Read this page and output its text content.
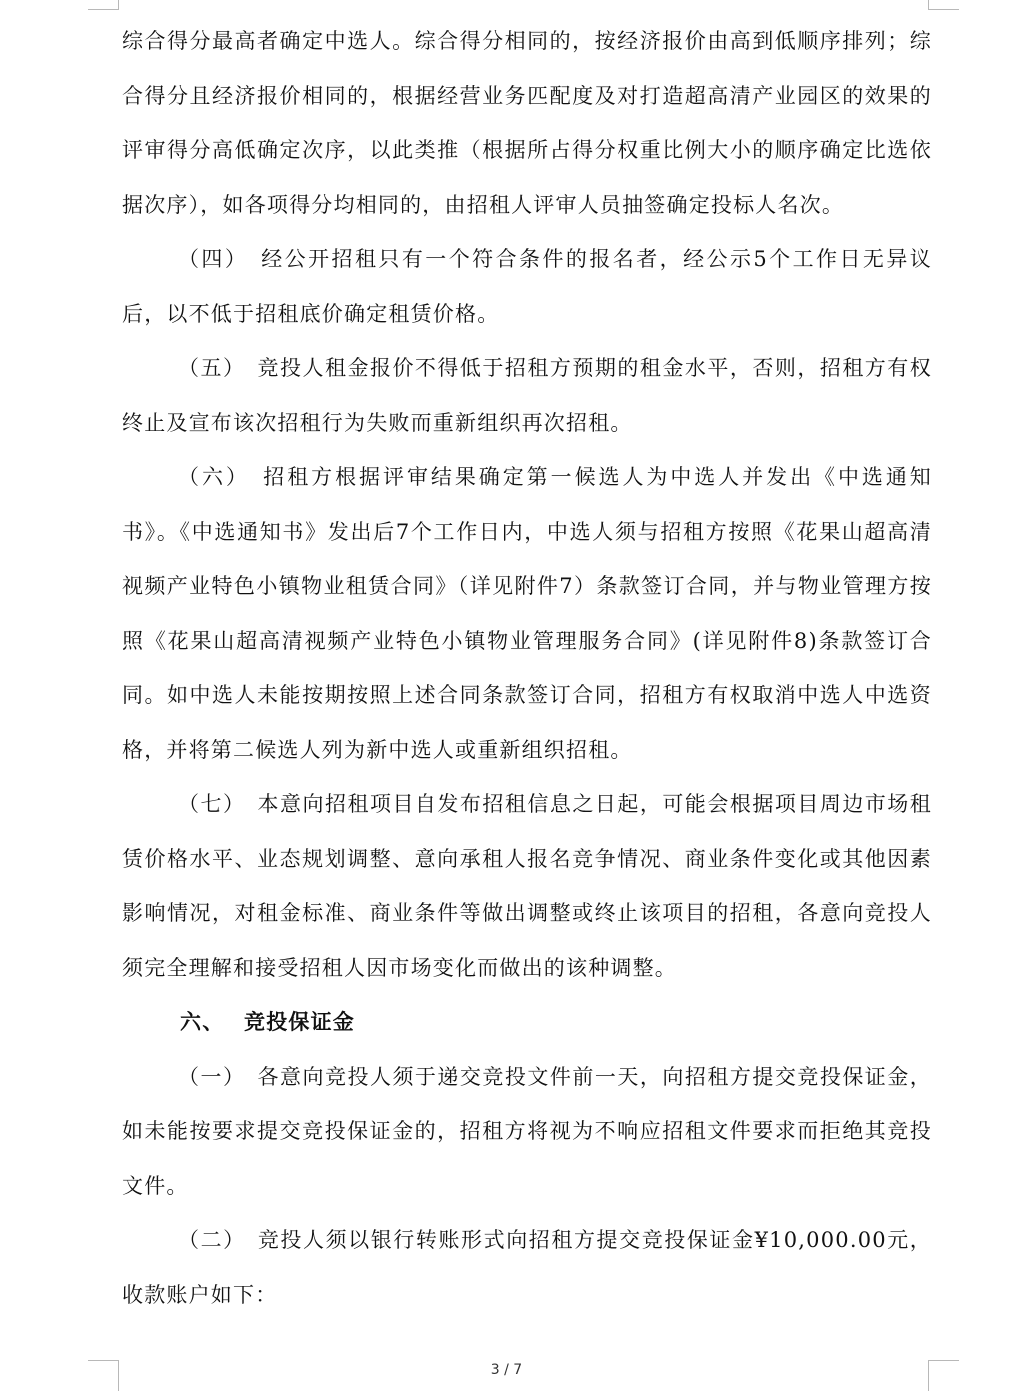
综合得分最高者确定中选人。综合得分相同的，按经济报价由高到低顺序排列；综合得分且经济报价相同的，根据经营业务匹配度及对打造超高清产业园区的效果的评审得分高低确定次序，以此类推（根据所占得分权重比例大小的顺序确定比选依据次序），如各项得分均相同的，由招租人评审人员抽签确定投标人名次。

（四）　经公开招租只有一个符合条件的报名者，经公示5个工作日无异议后，以不低于招租底价确定租赁价格。

（五）　竞投人租金报价不得低于招租方预期的租金水平，否则，招租方有权终止及宣布该次招租行为失败而重新组织再次招租。

（六）　招租方根据评审结果确定第一候选人为中选人并发出《中选通知书》。《中选通知书》发出后7个工作日内，中选人须与招租方按照《花果山超高清视频产业特色小镇物业租赁合同》（详见附件7）条款签订合同，并与物业管理方按照《花果山超高清视频产业特色小镇物业管理服务合同》(详见附件8)条款签订合同。如中选人未能按期按照上述合同条款签订合同，招租方有权取消中选人中选资格，并将第二候选人列为新中选人或重新组织招租。

（七）　本意向招租项目自发布招租信息之日起，可能会根据项目周边市场租赁价格水平、业态规划调整、意向承租人报名竞争情况、商业条件变化或其他因素影响情况，对租金标准、商业条件等做出调整或终止该项目的招租，各意向竞投人须完全理解和接受招租人因市场变化而做出的该种调整。

六、 竞投保证金

（一）　各意向竞投人须于递交竞投文件前一天，向招租方提交竞投保证金，如未能按要求提交竞投保证金的，招租方将视为不响应招租文件要求而拒绝其竞投文件。

（二）　竞投人须以银行转账形式向招租方提交竞投保证金¥10,000.00元，收款账户如下：

3 / 7
